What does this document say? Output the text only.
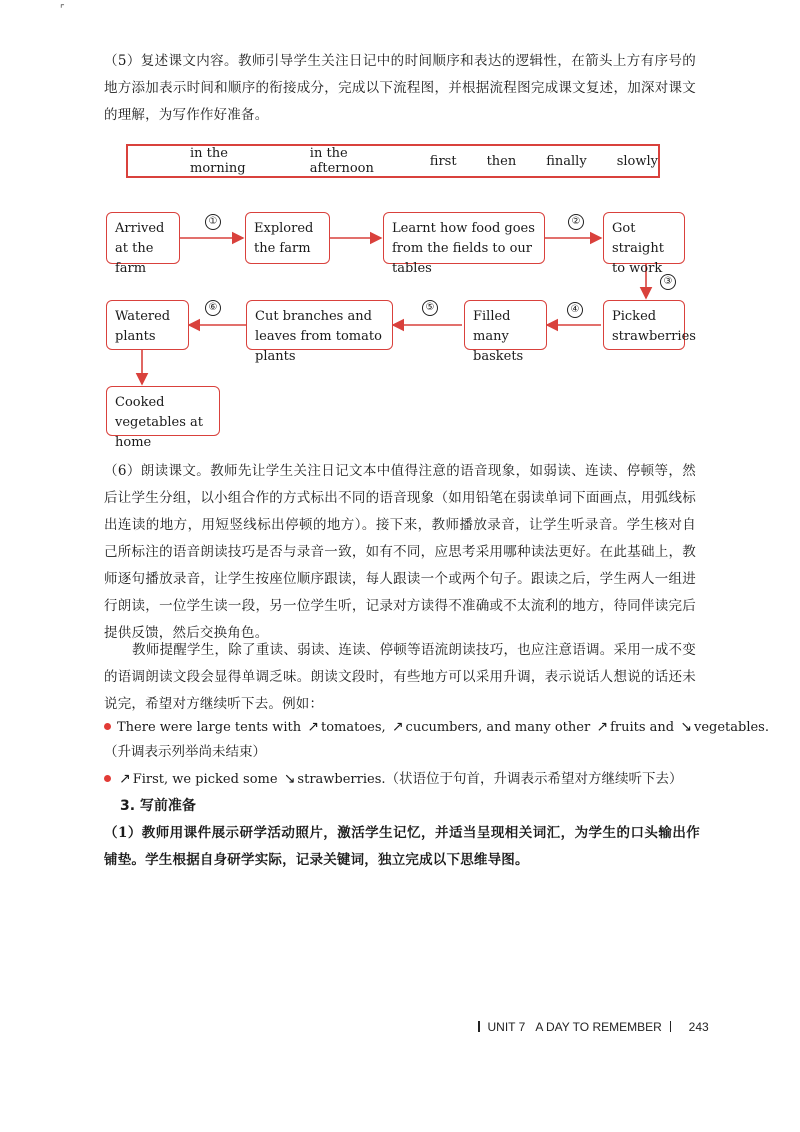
⌜

（5）复述课文内容。教师引导学生关注日记中的时间顺序和表达的逻辑性，在箭头上方有序号的地方添加表示时间和顺序的衔接成分，完成以下流程图，并根据流程图完成课文复述，加深对课文的理解，为写作作好准备。

in the morning
in the afternoon	first then finally slowly
Arrived at the farm
Explored the farm
Learnt how food goes from the fields to our tables
Got straight to work
Picked strawberries
Filled many baskets
Cut branches and leaves from tomato plants
Watered plants
Cooked vegetables at home
①	②
③
④
⑤
⑥

（6）朗读课文。教师先让学生关注日记文本中值得注意的语音现象，如弱读、连读、停顿等，然后让学生分组，以小组合作的方式标出不同的语音现象（如用铅笔在弱读单词下面画点，用弧线标出连读的地方，用短竖线标出停顿的地方）。接下来，教师播放录音，让学生听录音。学生核对自己所标注的语音朗读技巧是否与录音一致，如有不同，应思考采用哪种读法更好。在此基础上，教师逐句播放录音，让学生按座位顺序跟读，每人跟读一个或两个句子。跟读之后，学生两人一组进行朗读，一位学生读一段，另一位学生听，记录对方读得不准确或不太流利的地方，待同伴读完后提供反馈，然后交换角色。

教师提醒学生，除了重读、弱读、连读、停顿等语流朗读技巧，也应注意语调。采用一成不变的语调朗读文段会显得单调乏味。朗读文段时，有些地方可以采用升调，表示说话人想说的话还未说完，希望对方继续听下去。例如：

There were large tents with ↗ tomatoes, ↗ cucumbers, and many other ↗ fruits and ↘ vegetables.
（升调表示列举尚未结束）
↗ First, we picked some ↘ strawberries.（状语位于句首，升调表示希望对方继续听下去）
3. 写前准备

（1）教师用课件展示研学活动照片，激活学生记忆，并适当呈现相关词汇，为学生的口头输出作铺垫。学生根据自身研学实际，记录关键词，独立完成以下思维导图。

UNIT 7 A DAY TO REMEMBER 243
